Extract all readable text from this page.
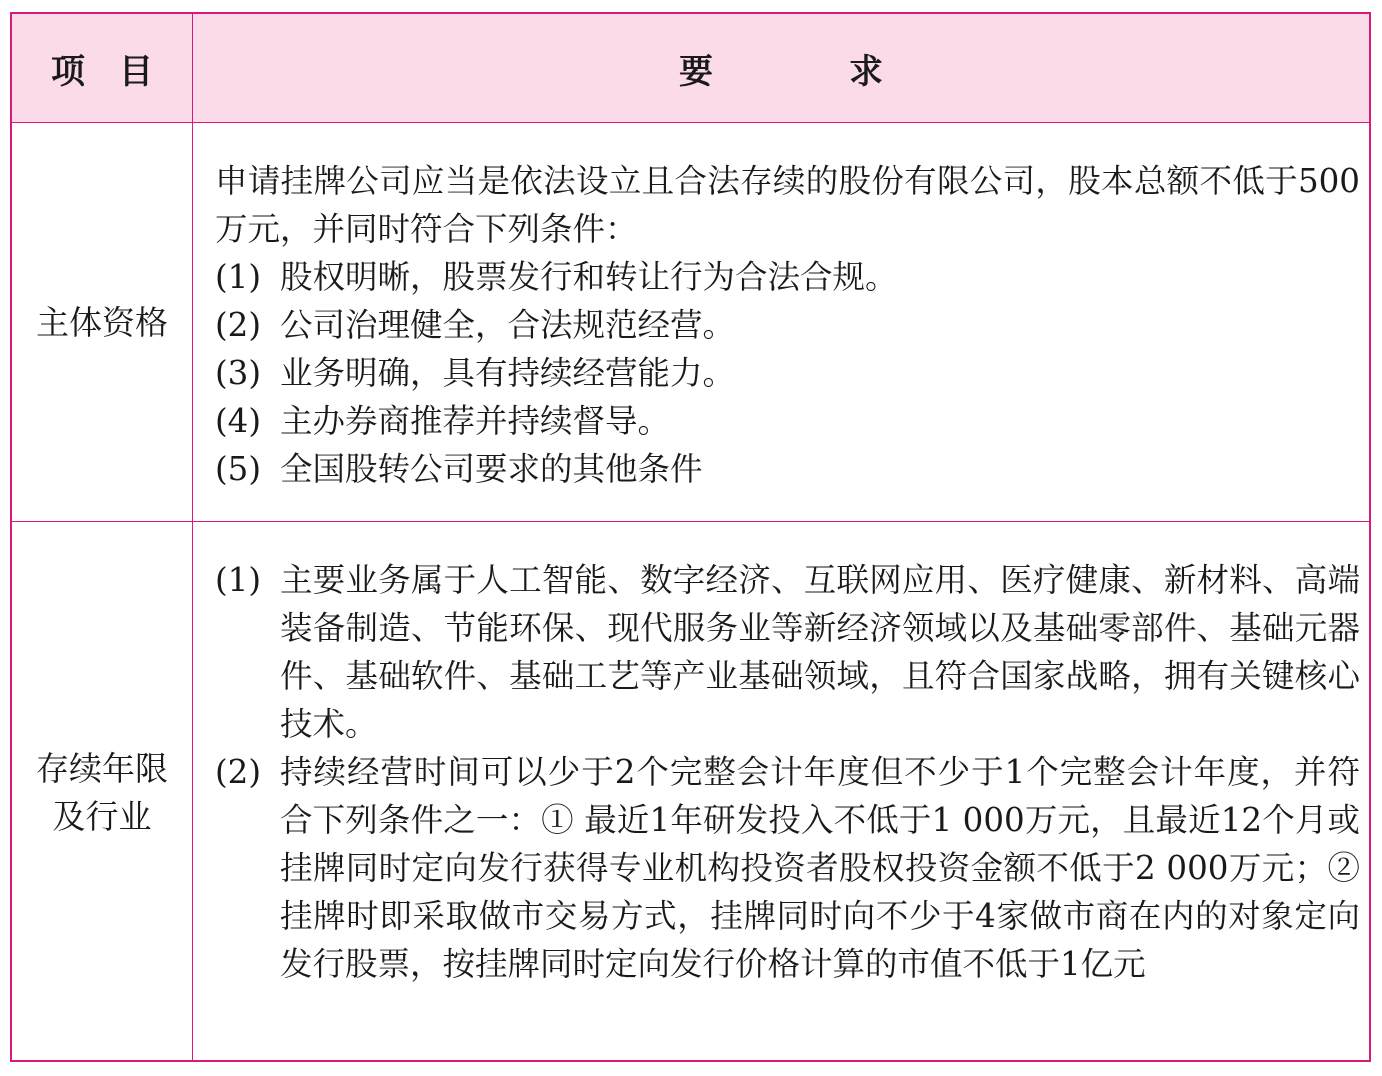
项　目	要　　　　求
主体资格

申请挂牌公司应当是依法设立且合法存续的股份有限公司，股本总额不低于500万元，并同时符合下列条件：

(1) 股权明晰，股票发行和转让行为合法合规。
(2) 公司治理健全，合法规范经营。
(3) 业务明确，具有持续经营能力。
(4) 主办券商推荐并持续督导。
(5) 全国股转公司要求的其他条件
存续年限
及行业
(1) 主要业务属于人工智能、数字经济、互联网应用、医疗健康、新材料、高端装备制造、节能环保、现代服务业等新经济领域以及基础零部件、基础元器件、基础软件、基础工艺等产业基础领域，且符合国家战略，拥有关键核心技术。
(2) 持续经营时间可以少于2个完整会计年度但不少于1个完整会计年度，并符合下列条件之一：① 最近1年研发投入不低于1 000万元，且最近12个月或挂牌同时定向发行获得专业机构投资者股权投资金额不低于2 000万元；② 挂牌时即采取做市交易方式，挂牌同时向不少于4家做市商在内的对象定向发行股票，按挂牌同时定向发行价格计算的市值不低于1亿元
